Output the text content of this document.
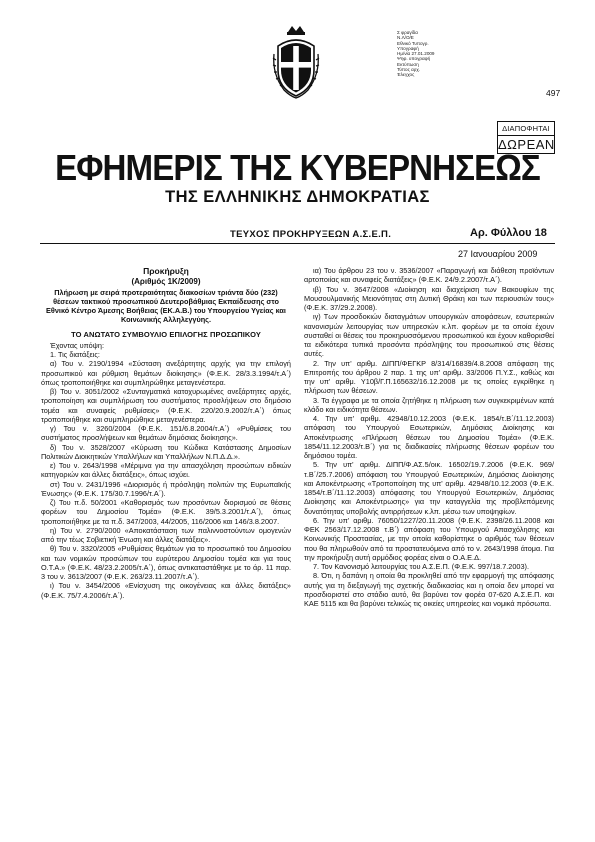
Σ φραγίδα
Ν.Λ/Ο/Ε
Εθνικό Τυπογρ.
Υπογραφή
Ημ/νία 27.01.2009
Ψηφ. υπογραφή
Εκτύπωση
Τύπος αρχ.
Έλεγχος
497
ΔΙΑΠΟΦΗΤΑΙ
ΔΩΡΕΑΝ
ΕΦΗΜΕΡΙΣ ΤΗΣ ΚΥΒΕΡΝΗΣΕΩΣ
ΤΗΣ ΕΛΛΗΝΙΚΗΣ ΔΗΜΟΚΡΑΤΙΑΣ
ΤΕΥΧΟΣ ΠΡΟΚΗΡΥΞΕΩΝ Α.Σ.Ε.Π.	Αρ. Φύλλου 18
27 Ιανουαρίου 2009

Προκήρυξη

(Αριθμός 1Κ/2009)

Πλήρωση με σειρά προτεραιότητας διακοσίων τριάντα δύο (232) θέσεων τακτικού προσωπικού Δευτεροβάθμιας Εκπαίδευσης στο Εθνικό Κέντρο Άμεσης Βοήθειας (ΕΚ.Α.Β.) του Υπουργείου Υγείας και Κοινωνικής Αλληλεγγύης.

ΤΟ ΑΝΩΤΑΤΟ ΣΥΜΒΟΥΛΙΟ ΕΠΙΛΟΓΗΣ ΠΡΟΣΩΠΙΚΟΥ

Έχοντας υπόψη:

1. Τις διατάξεις:

α) Του ν. 2190/1994 «Σύσταση ανεξάρτητης αρχής για την επιλογή προσωπικού και ρύθμιση θεμάτων διοίκησης» (Φ.Ε.Κ. 28/3.3.1994/τ.Α΄) όπως τροποποιήθηκε και συμπληρώθηκε μεταγενέστερα.

β) Του ν. 3051/2002 «Συνταγματικά κατοχυρωμένες ανεξάρτητες αρχές, τροποποίηση και συμπλήρωση του συστήματος προσλήψεων στο δημόσιο τομέα και συναφείς ρυθμίσεις» (Φ.Ε.Κ. 220/20.9.2002/τ.Α΄) όπως τροποποιήθηκε και συμπληρώθηκε μεταγενέστερα.

γ) Του ν. 3260/2004 (Φ.Ε.Κ. 151/6.8.2004/τ.Α΄) «Ρυθμίσεις του συστήματος προσλήψεων και θεμάτων δημόσιας διοίκησης».

δ) Του ν. 3528/2007 «Κύρωση του Κώδικα Κατάστασης Δημοσίων Πολιτικών Διοικητικών Υπαλλήλων και Υπαλλήλων Ν.Π.Δ.Δ.».

ε) Του ν. 2643/1998 «Μέριμνα για την απασχόληση προσώπων ειδικών κατηγοριών και άλλες διατάξεις», όπως ισχύει.

στ) Του ν. 2431/1996 «Διορισμός ή πρόσληψη πολιτών της Ευρωπαϊκής Ένωσης» (Φ.Ε.Κ. 175/30.7.1996/τ.Α΄).

ζ) Του π.δ. 50/2001 «Καθορισμός των προσόντων διορισμού σε θέσεις φορέων του Δημοσίου Τομέα» (Φ.Ε.Κ. 39/5.3.2001/τ.Α΄), όπως τροποποιήθηκε με τα π.δ. 347/2003, 44/2005, 116/2006 και 146/3.8.2007.

η) Του ν. 2790/2000 «Αποκατάσταση των παλιννοστούντων ομογενών από την τέως Σοβιετική Ένωση και άλλες διατάξεις».

θ) Του ν. 3320/2005 «Ρυθμίσεις θεμάτων για το προσωπικό του Δημοσίου και των νομικών προσώπων του ευρύτερου Δημοσίου τομέα και για τους Ο.Τ.Α.» (Φ.Ε.Κ. 48/23.2.2005/τ.Α΄), όπως αντικαταστάθηκε με το άρ. 11 παρ. 3 του ν. 3613/2007 (Φ.Ε.Κ. 263/23.11.2007/τ.Α΄).

ι) Του ν. 3454/2006 «Ενίσχυση της οικογένειας και άλλες διατάξεις» (Φ.Ε.Κ. 75/7.4.2006/τ.Α΄).

ια) Του άρθρου 23 του ν. 3536/2007 «Παραγωγή και διάθεση προϊόντων αρτοποιίας και συναφείς διατάξεις» (Φ.Ε.Κ. 24/9.2.2007/τ.Α΄).

ιβ) Του ν. 3647/2008 «Διοίκηση και διαχείριση των Βακουφίων της Μουσουλμανικής Μειονότητας στη Δυτική Θράκη και των περιουσιών τους» (Φ.Ε.Κ. 37/29.2.2008).

ιγ) Των προσδοκιών διαταγμάτων υπουργικών αποφάσεων, εσωτερικών κανονισμών λειτουργίας των υπηρεσιών κ.λπ. φορέων με τα οποία έχουν συσταθεί οι θέσεις του προκηρυσσόμενου προσωπικού και έχουν καθορισθεί τα ειδικότερα τυπικά προσόντα πρόσληψης του προσωπικού στις θέσεις αυτές.

2. Την υπ' αριθμ. ΔΙΠΠ/ΦΕΓΚΡ 8/314/16839/4.8.2008 απόφαση της Επιτροπής του άρθρου 2 παρ. 1 της υπ' αριθμ. 33/2006 Π.Υ.Σ., καθώς και την υπ' αριθμ. Υ10β/Γ.Π.165632/16.12.2008 με τις οποίες εγκρίθηκε η πλήρωση των θέσεων.

3. Τα έγγραφα με τα οποία ζητήθηκε η πλήρωση των συγκεκριμένων κατά κλάδο και ειδικότητα θέσεων.

4. Την υπ' αριθμ. 42948/10.12.2003 (Φ.Ε.Κ. 1854/τ.Β΄/11.12.2003) απόφαση του Υπουργού Εσωτερικών, Δημόσιας Διοίκησης και Αποκέντρωσης «Πλήρωση θέσεων του Δημοσίου Τομέα» (Φ.Ε.Κ. 1854/11.12.2003/τ.Β΄) για τις διαδικασίες πλήρωσης θέσεων φορέων του δημόσιου τομέα.

5. Την υπ' αριθμ. ΔΙΠΠ/Φ.ΑΣ.5/οικ. 16502/19.7.2006 (Φ.Ε.Κ. 969/τ.Β΄/25.7.2006) απόφαση του Υπουργού Εσωτερικών, Δημόσιας Διοίκησης και Αποκέντρωσης «Τροποποίηση της υπ' αριθμ. 42948/10.12.2003 (Φ.Ε.Κ. 1854/τ.Β΄/11.12.2003) απόφασης του Υπουργού Εσωτερικών, Δημόσιας Διοίκησης και Αποκέντρωσης» για την καταγγελία της προβλεπόμενης δυνατότητας υποβολής αντιρρήσεων κ.λπ. μέσω των υποψηφίων.

6. Την υπ' αριθμ. 76050/1227/20.11.2008 (Φ.Ε.Κ. 2398/26.11.2008 και ΦΕΚ 2563/17.12.2008 τ.Β΄) απόφαση του Υπουργού Απασχόλησης και Κοινωνικής Προστασίας, με την οποία καθορίστηκε ο αριθμός των θέσεων που θα πληρωθούν από τα προστατευόμενα από το ν. 2643/1998 άτομα. Για την προκήρυξη αυτή αρμόδιος φορέας είναι ο Ο.Α.Ε.Δ.

7. Τον Κανονισμό λειτουργίας του Α.Σ.Ε.Π. (Φ.Ε.Κ. 997/18.7.2003).

8. Ότι, η δαπάνη η οποία θα προκληθεί από την εφαρμογή της απόφασης αυτής για τη διεξαγωγή της σχετικής διαδικασίας και η οποία δεν μπορεί να προσδιοριστεί στο στάδιο αυτό, θα βαρύνει τον φορέα 07-620 Α.Σ.Ε.Π. και ΚΑΕ 5115 και θα βαρύνει τελικώς τις οικείες υπηρεσίες και νομικά πρόσωπα.
